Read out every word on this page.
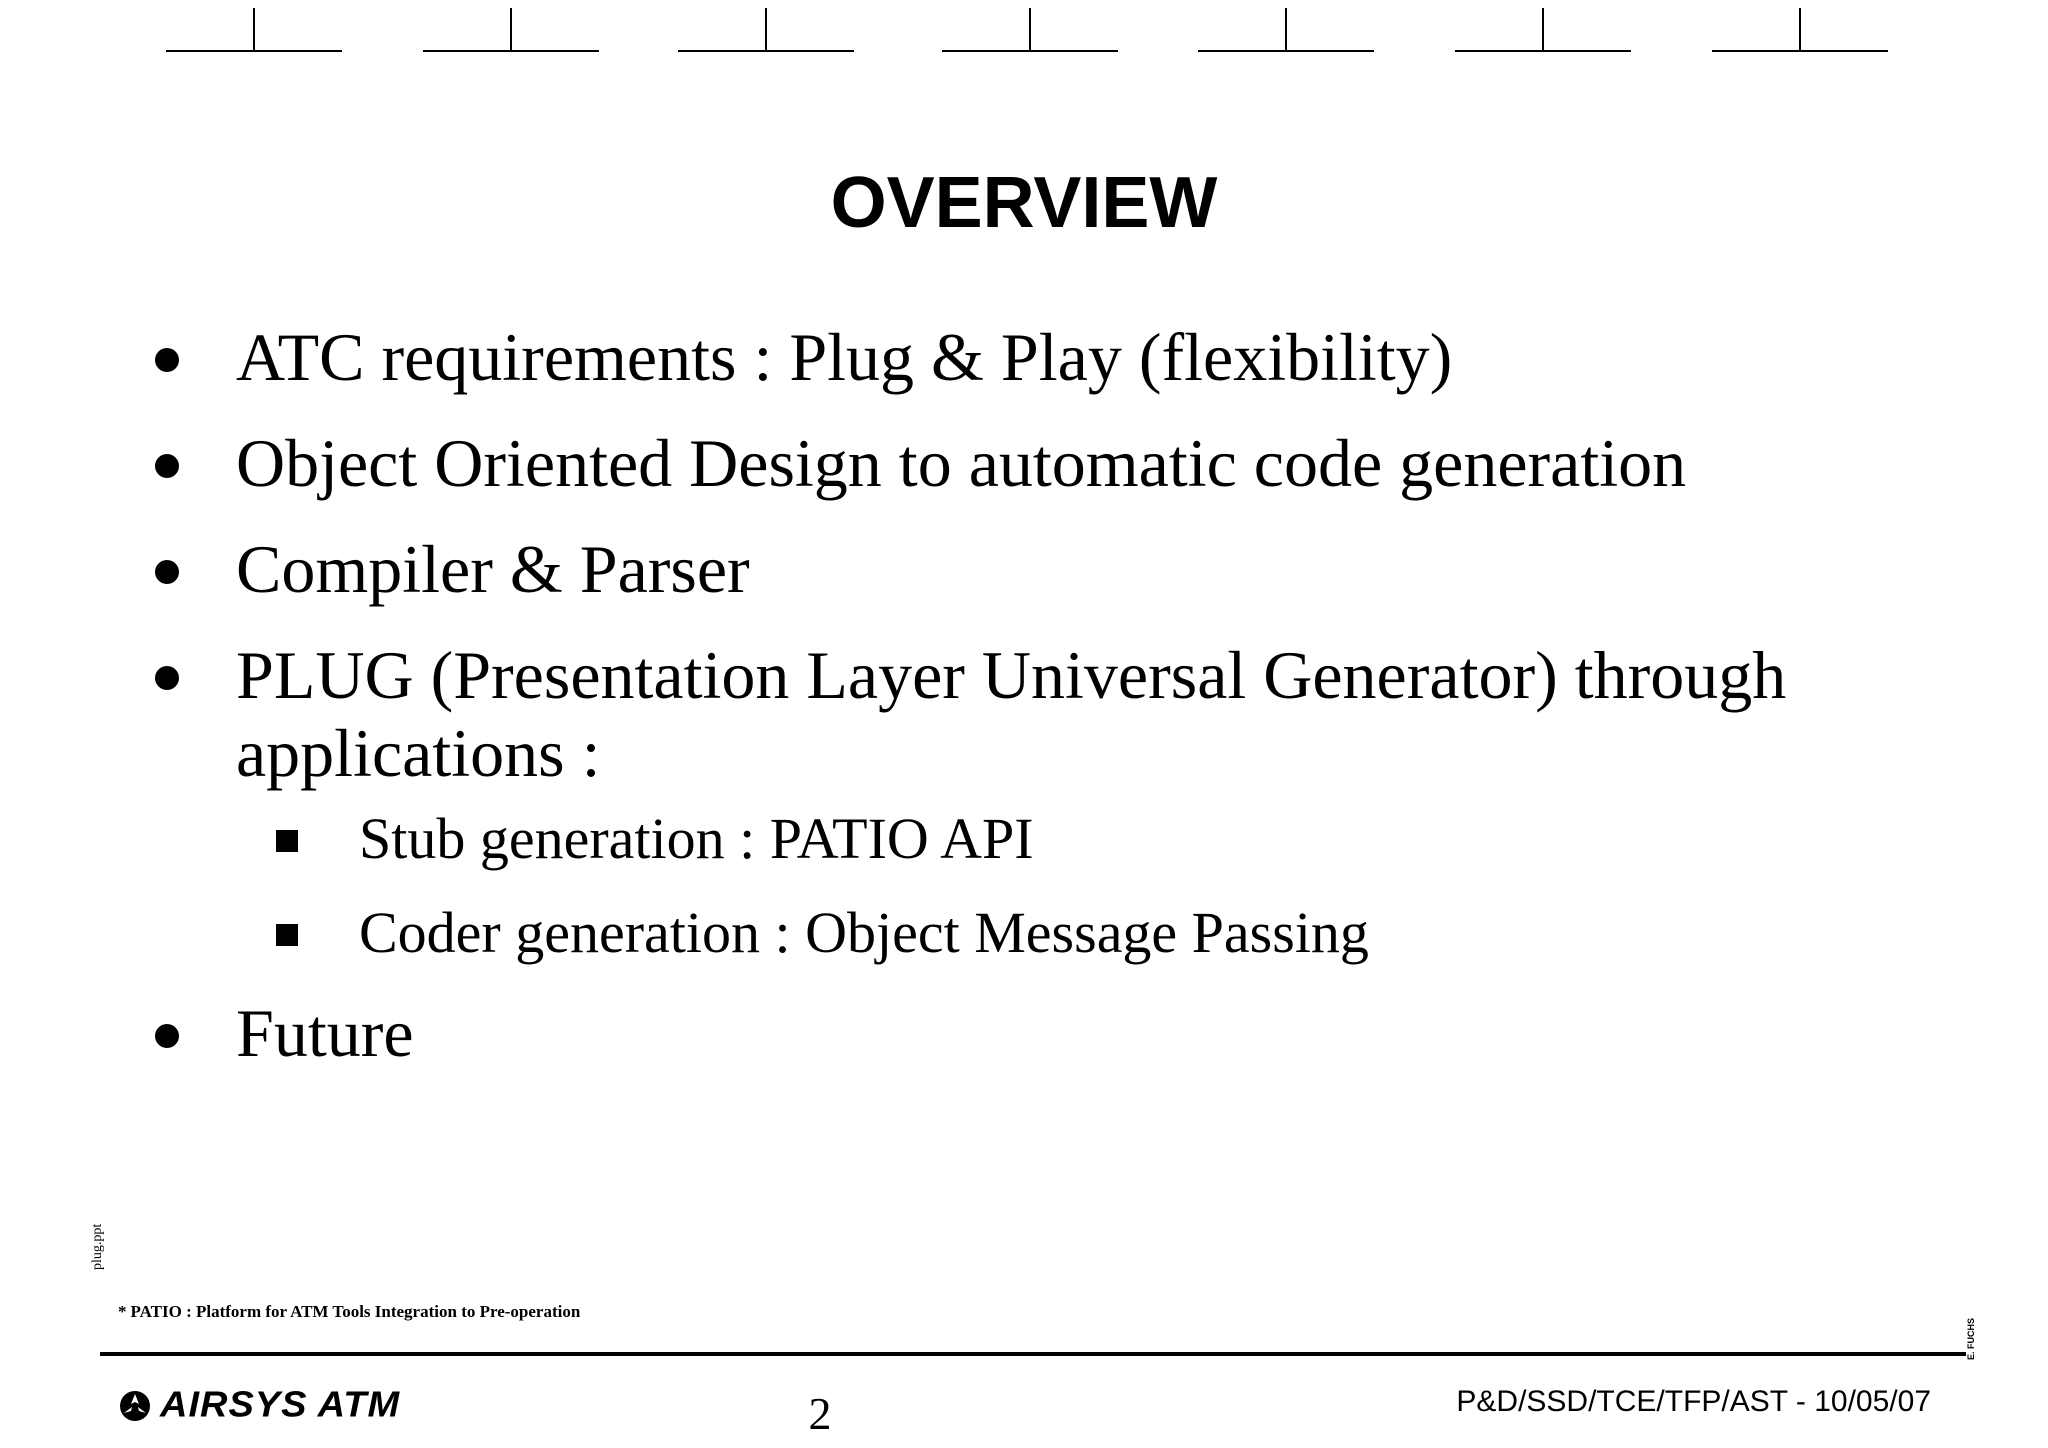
OVERVIEW
ATC requirements : Plug & Play (flexibility)
Object Oriented Design to automatic code generation
Compiler & Parser
PLUG (Presentation Layer Universal Generator) through applications :
Stub generation : PATIO API
Coder generation : Object Message Passing
Future
plug.ppt
* PATIO : Platform for ATM Tools Integration to Pre-operation
E. FUCHS
AIRSYS ATM	2	P&D/SSD/TCE/TFP/AST - 10/05/07
